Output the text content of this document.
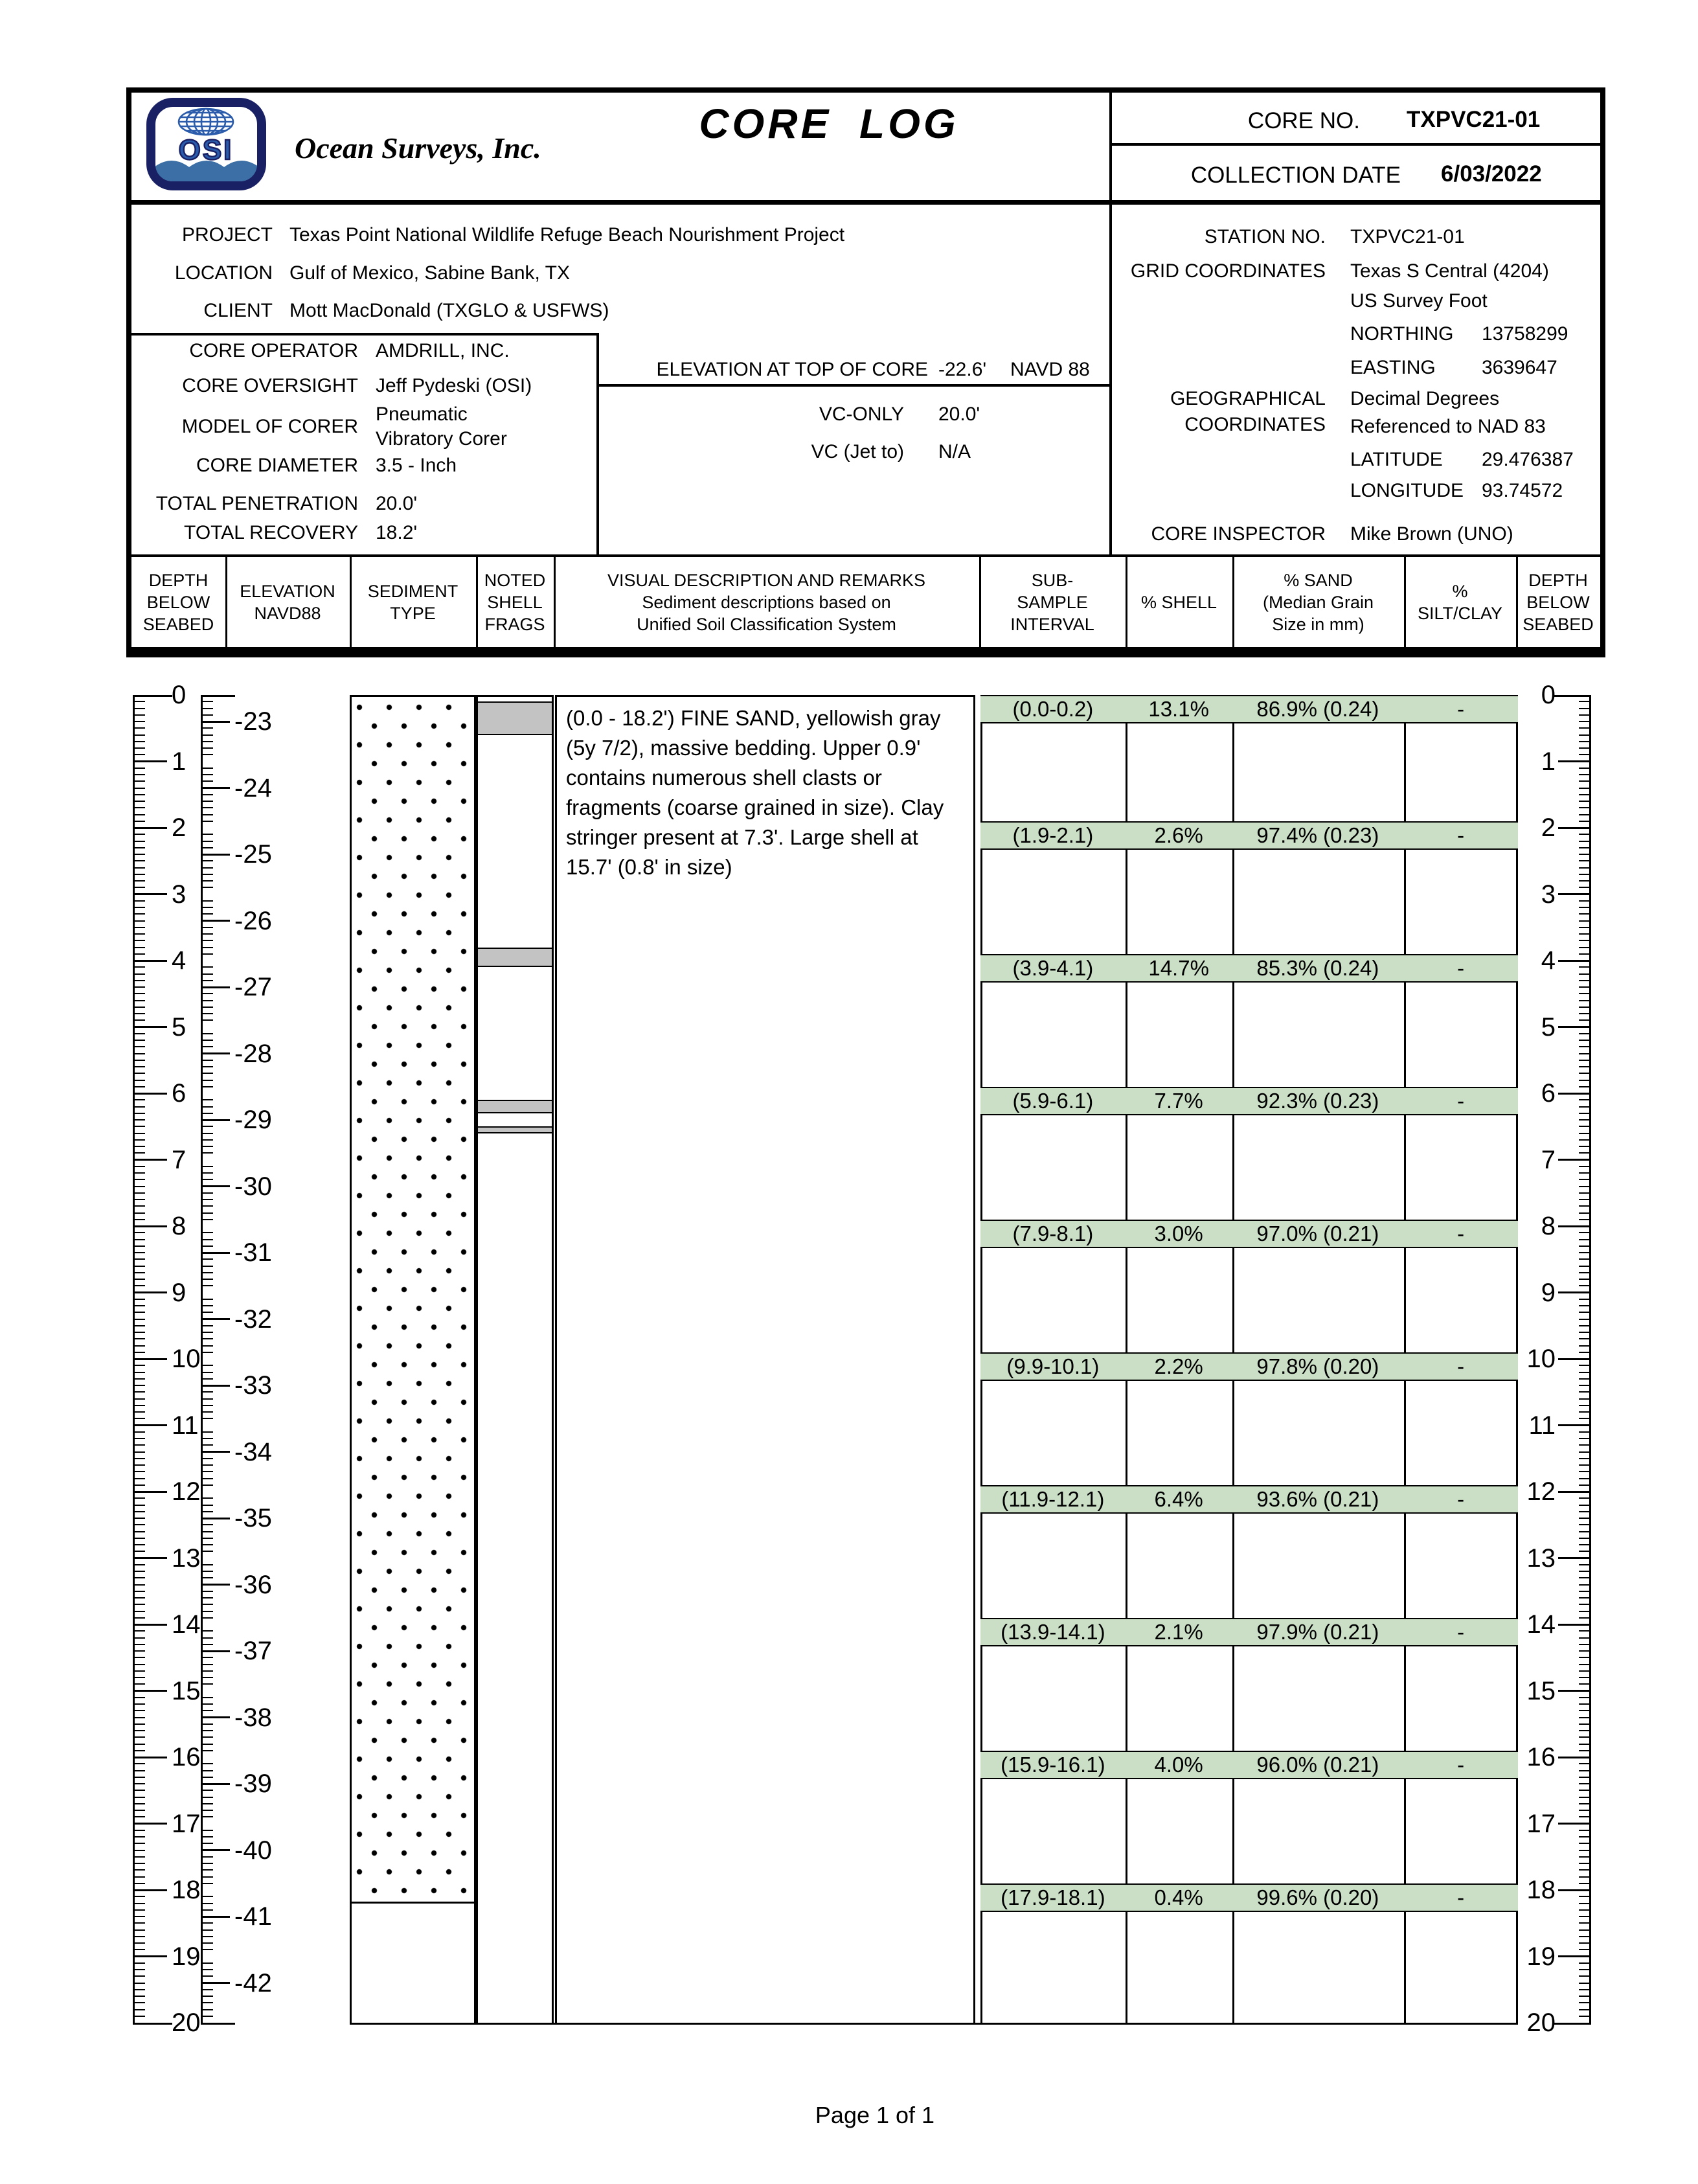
OSI Ocean Surveys, Inc.
CORE LOG	CORE NO. TXPVC21-01
COLLECTION DATE 6/03/2022
PROJECT Texas Point National Wildlife Refuge Beach Nourishment Project
LOCATION Gulf of Mexico, Sabine Bank, TX
CLIENT Mott MacDonald (TXGLO & USFWS)
CORE OPERATOR AMDRILL, INC.
CORE OVERSIGHT Jeff Pydeski (OSI)
MODEL OF CORER
Pneumatic
Vibratory Corer
CORE DIAMETER 3.5 - Inch
TOTAL PENETRATION 20.0'
TOTAL RECOVERY 18.2'
ELEVATION AT TOP OF CORE -22.6' NAVD 88
VC-ONLY 20.0'
VC (Jet to) N/A
STATION NO. TXPVC21-01
GRID COORDINATES Texas S Central (4204)
US Survey Foot
NORTHING 13758299
EASTING 3639647
GEOGRAPHICAL
COORDINATES
Decimal Degrees
Referenced to NAD 83
LATITUDE 29.476387
LONGITUDE 93.74572
CORE INSPECTOR Mike Brown (UNO)
DEPTH
BELOW
SEABED
ELEVATION
NAVD88
SEDIMENT
TYPE
NOTED
SHELL
FRAGS
VISUAL DESCRIPTION AND REMARKS
Sediment descriptions based on
Unified Soil Classification System
SUB-
SAMPLE
INTERVAL
% SHELL
% SAND
(Median Grain
Size in mm)
%
SILT/CLAY
DEPTH
BELOW
SEABED
0
1
2
3
4
5
6
7
8
9
10
11
12
13
14
15
16
17
18
19
20
-23
-24
-25
-26
-27
-28
-29
-30
-31
-32
-33
-34
-35
-36
-37
-38
-39
-40
-41
-42
0
1
2
3
4
5
6
7
8
9
10
11
12
13
14
15
16
17
18
19
20
(0.0 - 18.2') FINE SAND, yellowish gray
(5y 7/2), massive bedding. Upper 0.9'
contains numerous shell clasts or
fragments (coarse grained in size). Clay
stringer present at 7.3'. Large shell at
15.7' (0.8' in size)
(0.0-0.2)	13.1%	86.9% (0.24)	-
(1.9-2.1)	2.6%	97.4% (0.23)	-
(3.9-4.1)	14.7%	85.3% (0.24)	-
(5.9-6.1)	7.7%	92.3% (0.23)	-
(7.9-8.1)	3.0%	97.0% (0.21)	-
(9.9-10.1)	2.2%	97.8% (0.20)	-
(11.9-12.1)	6.4%	93.6% (0.21)	-
(13.9-14.1)	2.1%	97.9% (0.21)	-
(15.9-16.1)	4.0%	96.0% (0.21)	-
(17.9-18.1)	0.4%	99.6% (0.20)	-
Page 1 of 1
